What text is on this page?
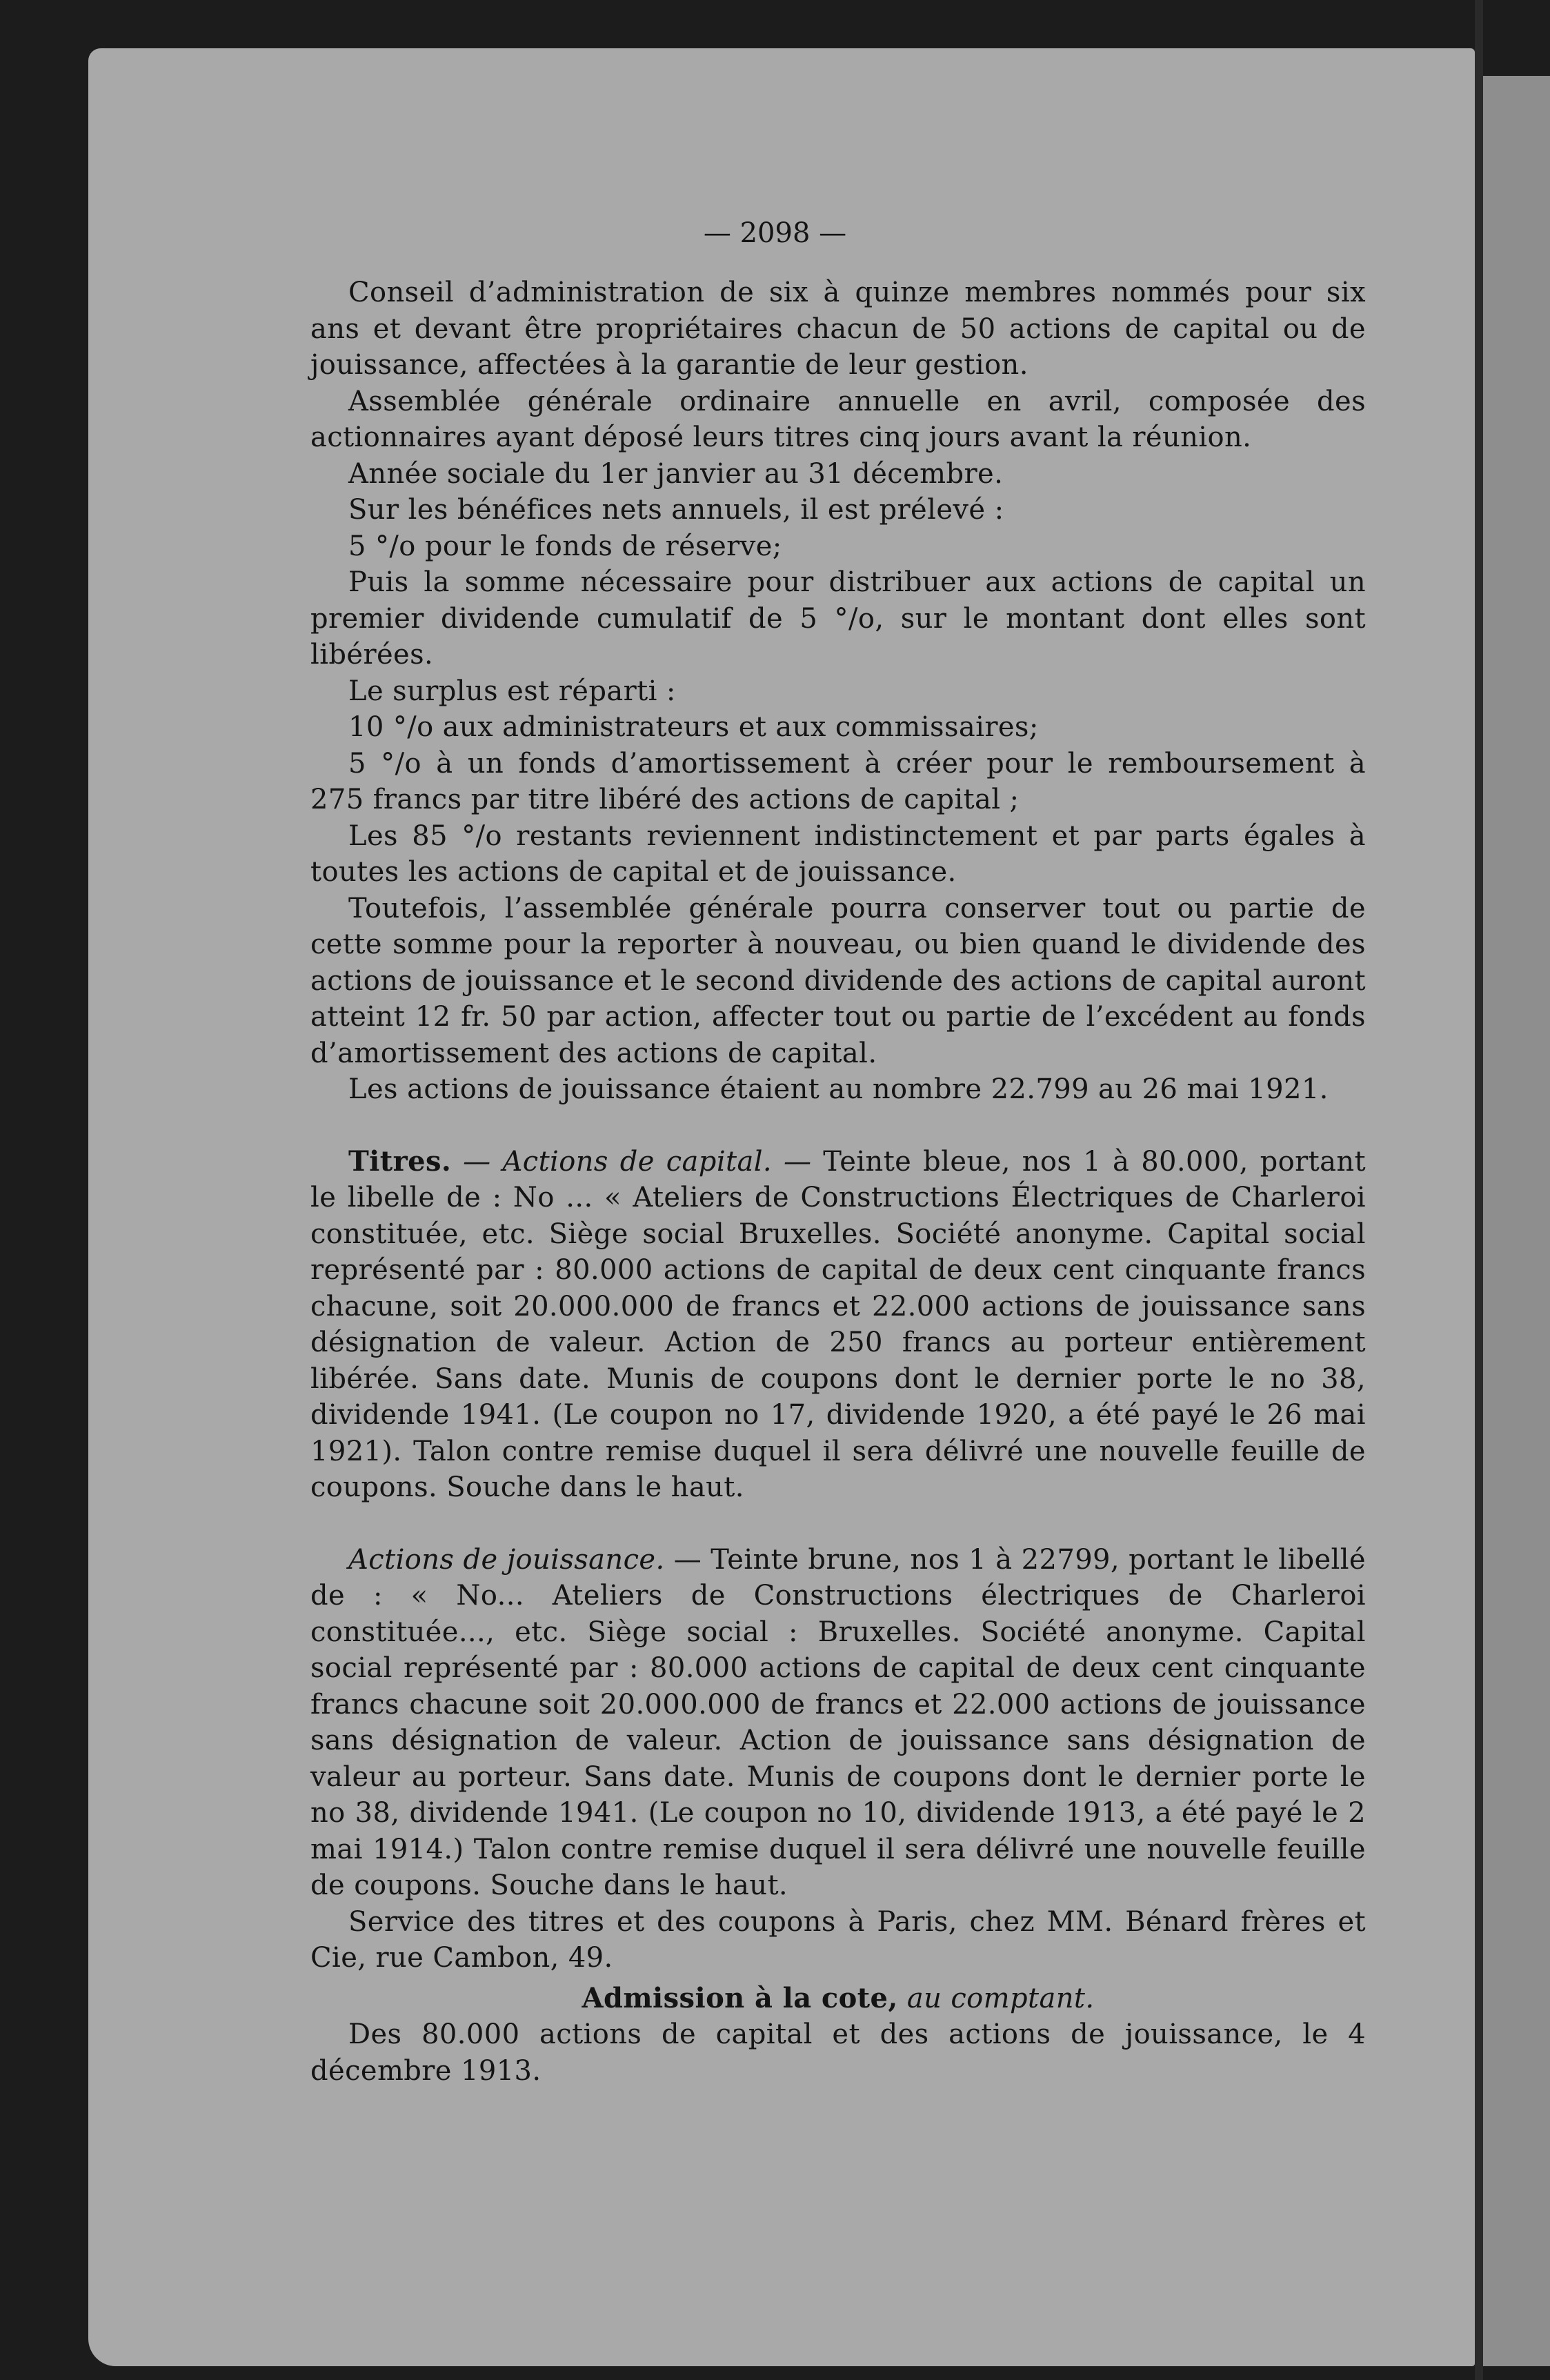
— 2098 —

Conseil d’administration de six à quinze membres nommés pour six ans et devant être propriétaires chacun de 50 actions de capital ou de jouissance, affectées à la garantie de leur gestion.

Assemblée générale ordinaire annuelle en avril, composée des actionnaires ayant déposé leurs titres cinq jours avant la réunion.

Année sociale du 1er janvier au 31 décembre.

Sur les bénéfices nets annuels, il est prélevé :

5 °/o pour le fonds de réserve;

Puis la somme nécessaire pour distribuer aux actions de capital un premier dividende cumulatif de 5 °/o, sur le montant dont elles sont libérées.

Le surplus est réparti :

10 °/o aux administrateurs et aux commissaires;

5 °/o à un fonds d’amortissement à créer pour le remboursement à 275 francs par titre libéré des actions de capital ;

Les 85 °/o restants reviennent indistinctement et par parts égales à toutes les actions de capital et de jouissance.

Toutefois, l’assemblée générale pourra conserver tout ou partie de cette somme pour la reporter à nouveau, ou bien quand le dividende des actions de jouissance et le second dividende des actions de capital auront atteint 12 fr. 50 par action, affecter tout ou partie de l’excédent au fonds d’amortissement des actions de capital.

Les actions de jouissance étaient au nombre 22.799 au 26 mai 1921.

Titres. — Actions de capital. — Teinte bleue, nos 1 à 80.000, portant le libelle de : No ... « Ateliers de Constructions Électriques de Charleroi constituée, etc. Siège social Bruxelles. Société anonyme. Capital social représenté par : 80.000 actions de capital de deux cent cinquante francs chacune, soit 20.000.000 de francs et 22.000 actions de jouissance sans désignation de valeur. Action de 250 francs au porteur entièrement libérée. Sans date. Munis de coupons dont le dernier porte le no 38, dividende 1941. (Le coupon no 17, dividende 1920, a été payé le 26 mai 1921). Talon contre remise duquel il sera délivré une nouvelle feuille de coupons. Souche dans le haut.

Actions de jouissance. — Teinte brune, nos 1 à 22799, portant le libellé de : « No... Ateliers de Constructions électriques de Charleroi constituée..., etc. Siège social : Bruxelles. Société anonyme. Capital social représenté par : 80.000 actions de capital de deux cent cinquante francs chacune soit 20.000.000 de francs et 22.000 actions de jouissance sans désignation de valeur. Action de jouissance sans désignation de valeur au porteur. Sans date. Munis de coupons dont le dernier porte le no 38, dividende 1941. (Le coupon no 10, dividende 1913, a été payé le 2 mai 1914.) Talon contre remise duquel il sera délivré une nouvelle feuille de coupons. Souche dans le haut.

Service des titres et des coupons à Paris, chez MM. Bénard frères et Cie, rue Cambon, 49.

Admission à la cote, au comptant.

Des 80.000 actions de capital et des actions de jouissance, le 4 décembre 1913.
